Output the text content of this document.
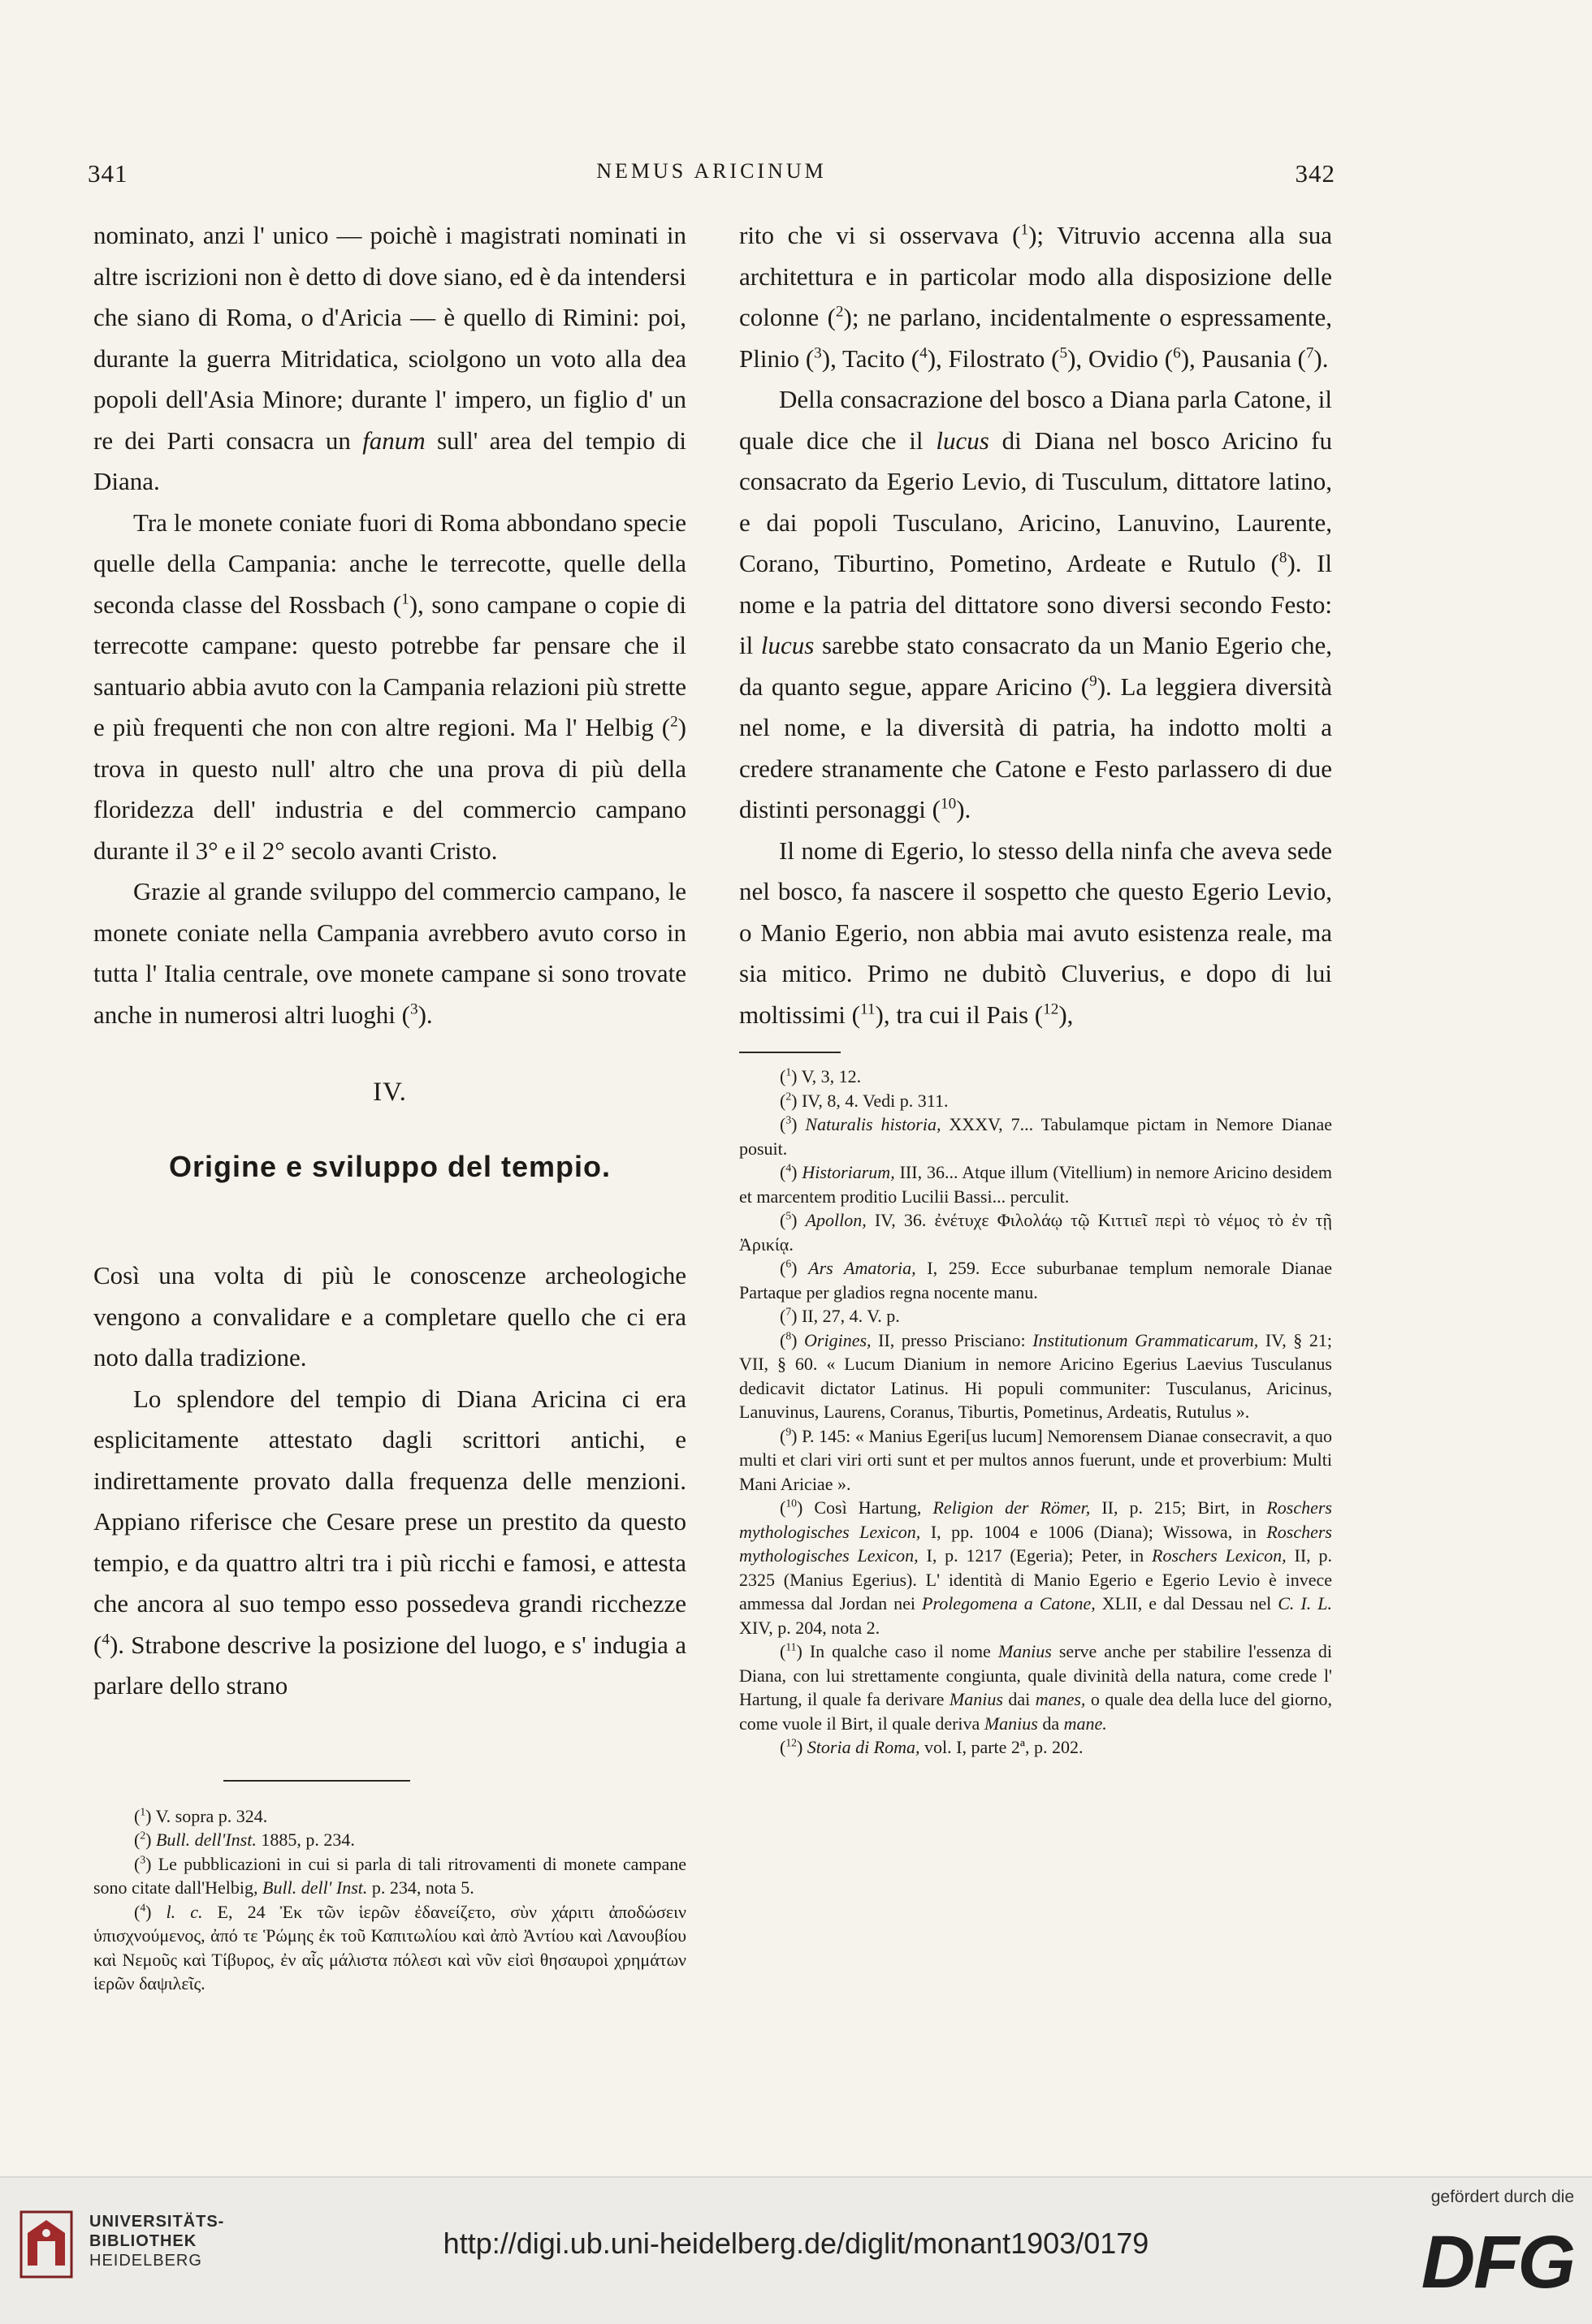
341	NEMUS ARICINUM	342

nominato, anzi l' unico — poichè i magistrati nominati in altre iscrizioni non è detto di dove siano, ed è da intendersi che siano di Roma, o d'Aricia — è quello di Rimini: poi, durante la guerra Mitridatica, sciolgono un voto alla dea popoli dell'Asia Minore; durante l' impero, un figlio d' un re dei Parti consacra un fanum sull' area del tempio di Diana.

Tra le monete coniate fuori di Roma abbondano specie quelle della Campania: anche le terrecotte, quelle della seconda classe del Rossbach ($^1$), sono campane o copie di terrecotte campane: questo potrebbe far pensare che il santuario abbia avuto con la Campania relazioni più strette e più frequenti che non con altre regioni. Ma l' Helbig ($^2$) trova in questo null' altro che una prova di più della floridezza dell' industria e del commercio campano durante il 3° e il 2° secolo avanti Cristo.

Grazie al grande sviluppo del commercio campano, le monete coniate nella Campania avrebbero avuto corso in tutta l' Italia centrale, ove monete campane si sono trovate anche in numerosi altri luoghi ($^3$).

IV.
Origine e sviluppo del tempio.

Così una volta di più le conoscenze archeologiche vengono a convalidare e a completare quello che ci era noto dalla tradizione.

Lo splendore del tempio di Diana Aricina ci era esplicitamente attestato dagli scrittori antichi, e indirettamente provato dalla frequenza delle menzioni. Appiano riferisce che Cesare prese un prestito da questo tempio, e da quattro altri tra i più ricchi e famosi, e attesta che ancora al suo tempo esso possedeva grandi ricchezze ($^4$). Strabone descrive la posizione del luogo, e s' indugia a parlare dello strano

($^1$) V. sopra p. 324.

($^2$) Bull. dell'Inst. 1885, p. 234.

($^3$) Le pubblicazioni in cui si parla di tali ritrovamenti di monete campane sono citate dall'Helbig, Bull. dell' Inst. p. 234, nota 5.

($^4$) l. c. E, 24 Ἐκ τῶν ἱερῶν ἐδανείζετο, σὺν χάριτι ἀποδώσειν ὑπισχνούμενος, ἀπό τε Ῥώμης ἐκ τοῦ Καπιτωλίου καὶ ἀπὸ Ἀντίου καὶ Λανουβίου καὶ Νεμοῦς καὶ Τίβυρος, ἐν αἷς μάλιστα πόλεσι καὶ νῦν εἰσὶ θησαυροὶ χρημάτων ἱερῶν δαψιλεῖς.

rito che vi si osservava ($^1$); Vitruvio accenna alla sua architettura e in particolar modo alla disposizione delle colonne ($^2$); ne parlano, incidentalmente o espressamente, Plinio ($^3$), Tacito ($^4$), Filostrato ($^5$), Ovidio ($^6$), Pausania ($^7$).

Della consacrazione del bosco a Diana parla Catone, il quale dice che il lucus di Diana nel bosco Aricino fu consacrato da Egerio Levio, di Tusculum, dittatore latino, e dai popoli Tusculano, Aricino, Lanuvino, Laurente, Corano, Tiburtino, Pometino, Ardeate e Rutulo ($^8$). Il nome e la patria del dittatore sono diversi secondo Festo: il lucus sarebbe stato consacrato da un Manio Egerio che, da quanto segue, appare Aricino ($^9$). La leggiera diversità nel nome, e la diversità di patria, ha indotto molti a credere stranamente che Catone e Festo parlassero di due distinti personaggi ($^{10}$).

Il nome di Egerio, lo stesso della ninfa che aveva sede nel bosco, fa nascere il sospetto che questo Egerio Levio, o Manio Egerio, non abbia mai avuto esistenza reale, ma sia mitico. Primo ne dubitò Cluverius, e dopo di lui moltissimi ($^{11}$), tra cui il Pais ($^{12}$),

($^1$) V, 3, 12.

($^2$) IV, 8, 4. Vedi p. 311.

($^3$) Naturalis historia, XXXV, 7... Tabulamque pictam in Nemore Dianae posuit.

($^4$) Historiarum, III, 36... Atque illum (Vitellium) in nemore Aricino desidem et marcentem proditio Lucilii Bassi... perculit.

($^5$) Apollon, IV, 36. ἐνέτυχε Φιλολάῳ τῷ Κιττιεῖ περὶ τὸ νέμος τὸ ἐν τῇ Ἀρικίᾳ.

($^6$) Ars Amatoria, I, 259. Ecce suburbanae templum nemorale Dianae Partaque per gladios regna nocente manu.

($^7$) II, 27, 4. V. p.

($^8$) Origines, II, presso Prisciano: Institutionum Grammaticarum, IV, § 21; VII, § 60. « Lucum Dianium in nemore Aricino Egerius Laevius Tusculanus dedicavit dictator Latinus. Hi populi communiter: Tusculanus, Aricinus, Lanuvinus, Laurens, Coranus, Tiburtis, Pometinus, Ardeatis, Rutulus ».

($^9$) P. 145: « Manius Egeri[us lucum] Nemorensem Dianae consecravit, a quo multi et clari viri orti sunt et per multos annos fuerunt, unde et proverbium: Multi Mani Ariciae ».

($^{10}$) Così Hartung, Religion der Römer, II, p. 215; Birt, in Roschers mythologisches Lexicon, I, pp. 1004 e 1006 (Diana); Wissowa, in Roschers mythologisches Lexicon, I, p. 1217 (Egeria); Peter, in Roschers Lexicon, II, p. 2325 (Manius Egerius). L' identità di Manio Egerio e Egerio Levio è invece ammessa dal Jordan nei Prolegomena a Catone, XLII, e dal Dessau nel C. I. L. XIV, p. 204, nota 2.

($^{11}$) In qualche caso il nome Manius serve anche per stabilire l'essenza di Diana, con lui strettamente congiunta, quale divinità della natura, come crede l' Hartung, il quale fa derivare Manius dai manes, o quale dea della luce del giorno, come vuole il Birt, il quale deriva Manius da mane.

($^{12}$) Storia di Roma, vol. I, parte 2ª, p. 202.

UNIVERSITÄTS-
BIBLIOTHEK
HEIDELBERG
http://digi.ub.uni-heidelberg.de/diglit/monant1903/0179
gefördert durch die
DFG
